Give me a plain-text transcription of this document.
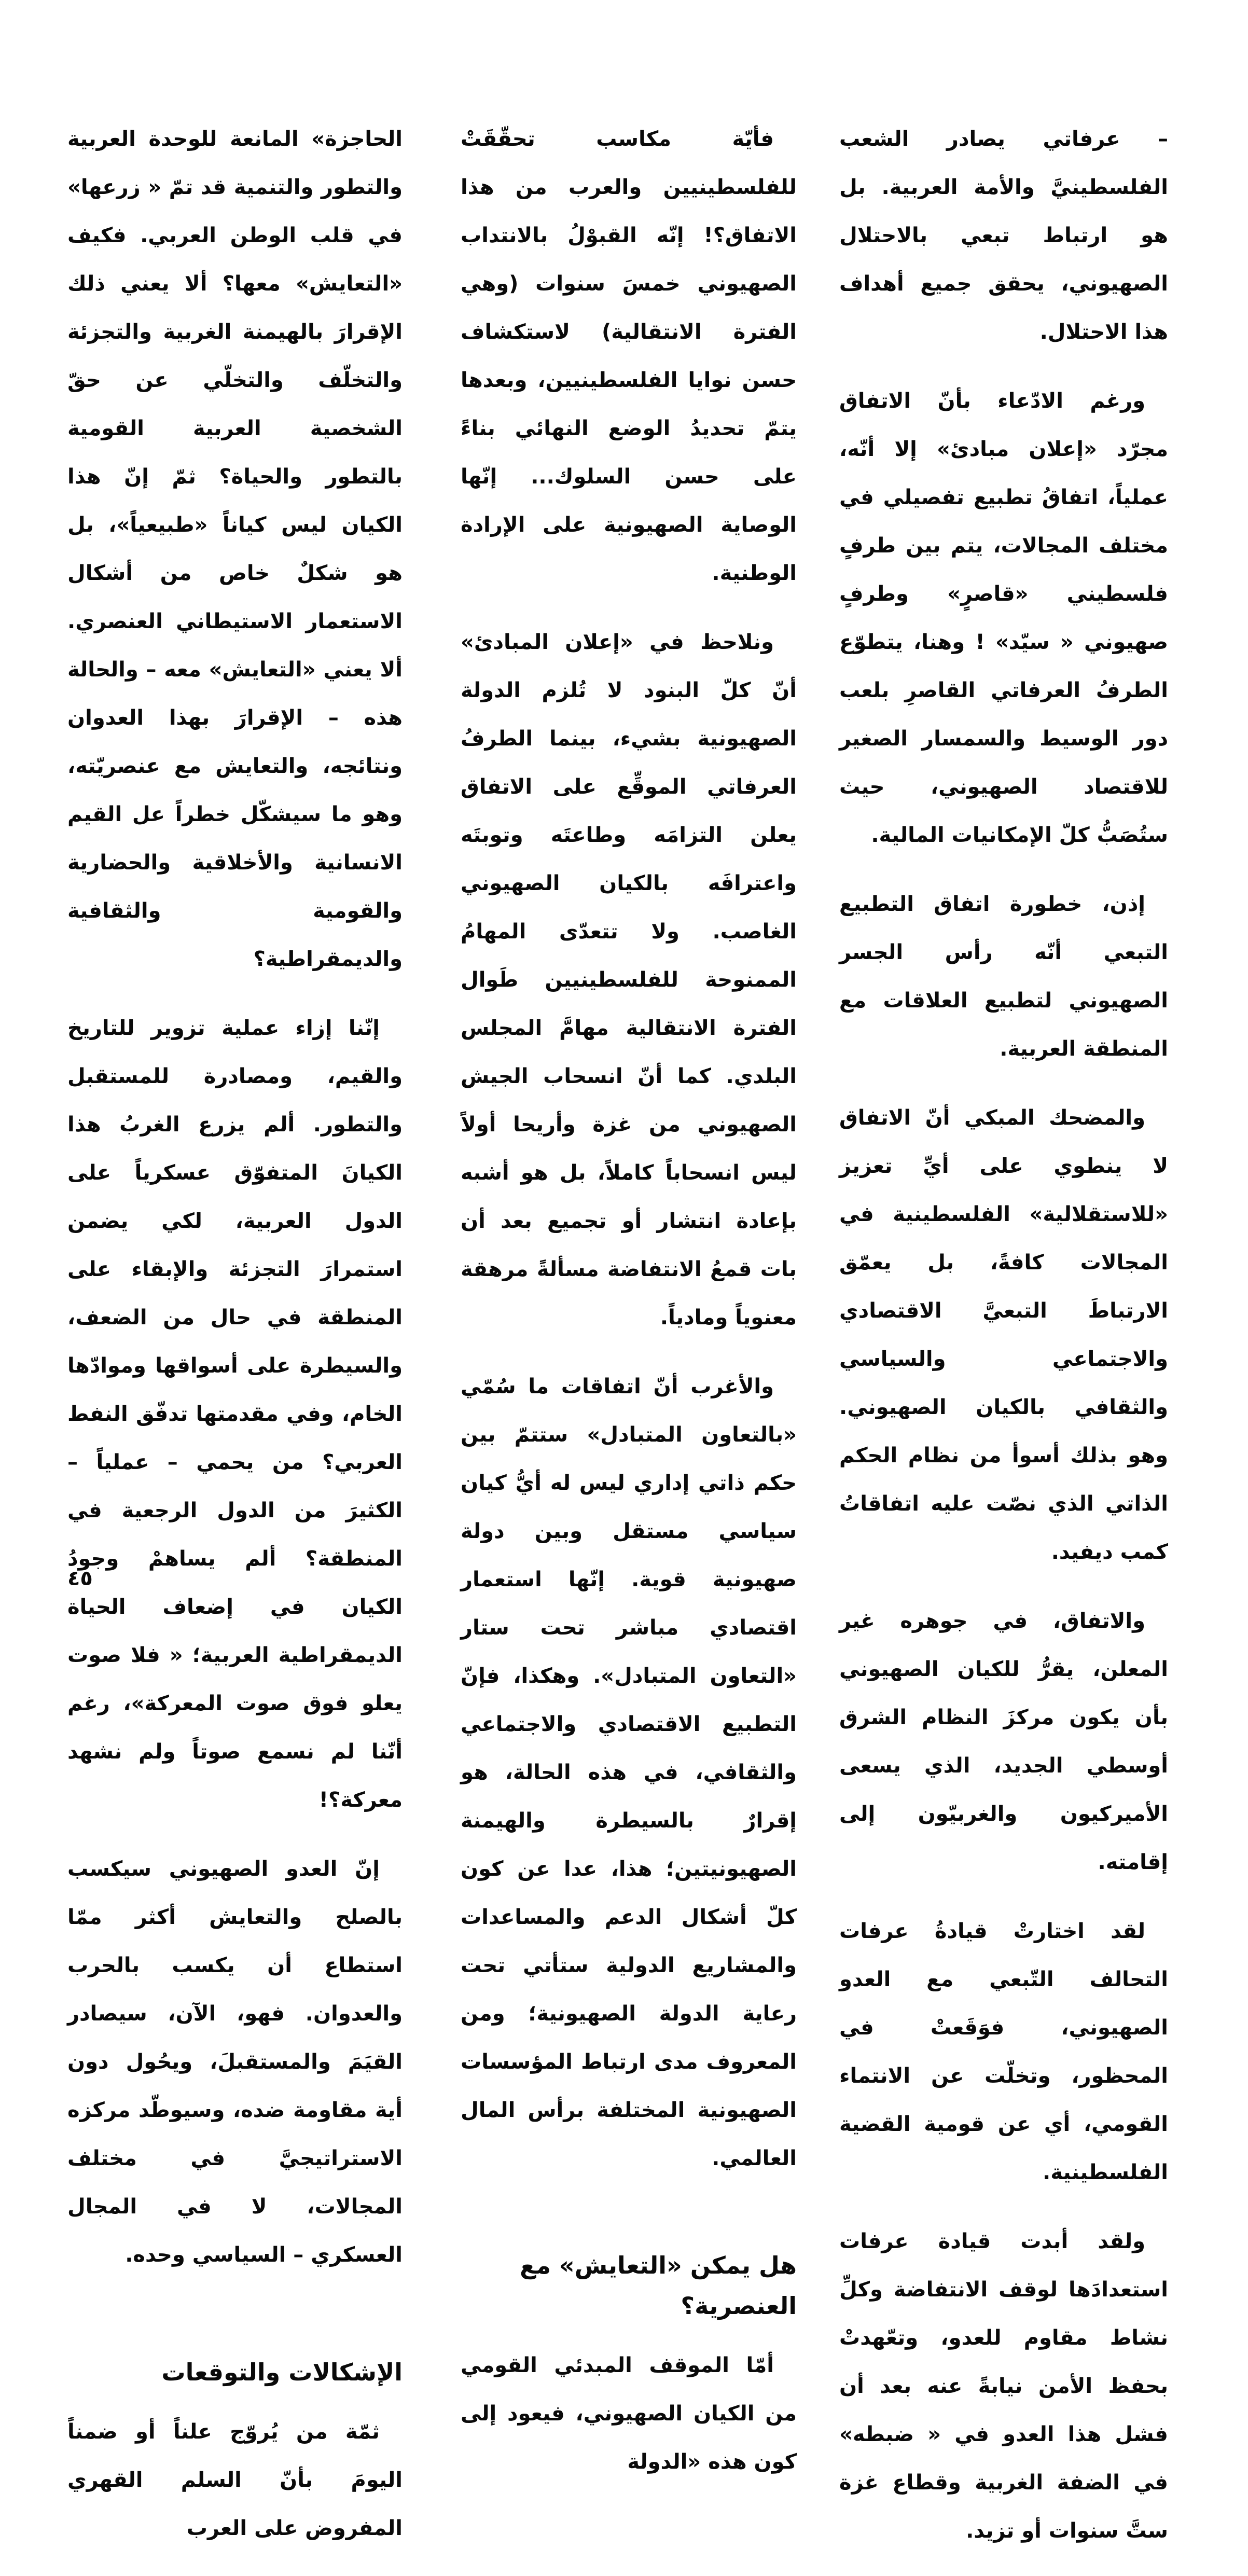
– عرفاتي يصادر الشعب الفلسطينيَّ والأمة العربية. بل هو ارتباط تبعي بالاحتلال الصهيوني، يحقق جميع أهداف هذا الاحتلال.

ورغم الادّعاء بأنّ الاتفاق مجرّد «إعلان مبادئ» إلا أنّه، عملياً، اتفاقُ تطبيع تفصيلي في مختلف المجالات، يتم بين طرفٍ فلسطيني «قاصرٍ» وطرفٍ صهيوني « سيّد» ! وهنا، يتطوّع الطرفُ العرفاتي القاصرِ بلعب دور الوسيط والسمسار الصغير للاقتصاد الصهيوني، حيث ستُصَبُّ كلّ الإمكانيات المالية.

إذن، خطورة اتفاق التطبيع التبعي أنّه رأس الجسر الصهيوني لتطبيع العلاقات مع المنطقة العربية.

والمضحك المبكي أنّ الاتفاق لا ينطوي على أيِّ تعزيز «للاستقلالية» الفلسطينية في المجالات كافةً، بل يعمّق الارتباطَ التبعيَّ الاقتصادي والاجتماعي والسياسي والثقافي بالكيان الصهيوني. وهو بذلك أسوأ من نظام الحكم الذاتي الذي نصّت عليه اتفاقاتُ كمب ديفيد.

والاتفاق، في جوهره غير المعلن، يقرُّ للكيان الصهيوني بأن يكون مركزَ النظام الشرق أوسطي الجديد، الذي يسعى الأميركيون والغربيّون إلى إقامته.

لقد اختارتْ قيادةُ عرفات التحالف التّبعي مع العدو الصهيوني، فوَقَعتْ في المحظور، وتخلّت عن الانتماء القومي، أي عن قومية القضية الفلسطينية.

ولقد أبدت قيادة عرفات استعدادَها لوقف الانتفاضة وكلِّ نشاط مقاوم للعدو، وتعّهدتْ بحفظ الأمن نيابةً عنه بعد أن فشل هذا العدو في « ضبطه» في الضفة الغربية وقطاع غزة ستَّ سنوات أو تزيد.

فأيّة مكاسب تحقّقَتْ للفلسطينيين والعرب من هذا الاتفاق؟! إنّه القبوْلُ بالانتداب الصهيوني خمسَ سنوات (وهي الفترة الانتقالية) لاستكشاف حسن نوايا الفلسطينيين، وبعدها يتمّ تحديدُ الوضع النهائي بناءً على حسن السلوك... إنّها الوصاية الصهيونية على الإرادة الوطنية.

ونلاحظ في «إعلان المبادئ» أنّ كلّ البنود لا تُلزم الدولة الصهيونية بشيء، بينما الطرفُ العرفاتي الموقِّع على الاتفاق يعلن التزامَه وطاعتَه وتوبتَه واعترافَه بالكيان الصهيوني الغاصب. ولا تتعدّى المهامُ الممنوحة للفلسطينيين طَوال الفترة الانتقالية مهامَّ المجلس البلدي. كما أنّ انسحاب الجيش الصهيوني من غزة وأريحا أولاً ليس انسحاباً كاملاً، بل هو أشبه بإعادة انتشار أو تجميع بعد أن بات قمعُ الانتفاضة مسألةً مرهقة معنوياً ومادياً.

والأغرب أنّ اتفاقات ما سُمّي «بالتعاون المتبادل» ستتمّ بين حكم ذاتي إداري ليس له أيُّ كيان سياسي مستقل وبين دولة صهيونية قوية. إنّها استعمار اقتصادي مباشر تحت ستار «التعاون المتبادل». وهكذا، فإنّ التطبيع الاقتصادي والاجتماعي والثقافي، في هذه الحالة، هو إقرارٌ بالسيطرة والهيمنة الصهيونيتين؛ هذا، عدا عن كون كلّ أشكال الدعم والمساعدات والمشاريع الدولية ستأتي تحت رعاية الدولة الصهيونية؛ ومن المعروف مدى ارتباط المؤسسات الصهيونية المختلفة برأس المال العالمي.

هل يمكن «التعايش» مع العنصرية؟

أمّا الموقف المبدئي القومي من الكيان الصهيوني، فيعود إلى كون هذه «الدولة

الحاجزة» المانعة للوحدة العربية والتطور والتنمية قد تمّ « زرعها» في قلب الوطن العربي. فكيف «التعايش» معها؟ ألا يعني ذلك الإقرارَ بالهيمنة الغربية والتجزئة والتخلّف والتخلّي عن حقّ الشخصية العربية القومية بالتطور والحياة؟ ثمّ إنّ هذا الكيان ليس كياناً «طبيعياً»، بل هو شكلٌ خاص من أشكال الاستعمار الاستيطاني العنصري. ألا يعني «التعايش» معه – والحالة هذه – الإقرارَ بهذا العدوان ونتائجه، والتعايش مع عنصريّته، وهو ما سيشكّل خطراً عل القيم الانسانية والأخلاقية والحضارية والقومية والثقافية والديمقراطية؟

إنّنا إزاء عملية تزوير للتاريخ والقيم، ومصادرة للمستقبل والتطور. ألم يزرع الغربُ هذا الكيانَ المتفوّق عسكرياً على الدول العربية، لكي يضمن استمرارَ التجزئة والإبقاء على المنطقة في حال من الضعف، والسيطرة على أسواقها وموادّها الخام، وفي مقدمتها تدفّق النفط العربي؟ من يحمي – عملياً – الكثيرَ من الدول الرجعية في المنطقة؟ ألم يساهمْ وجودُ الكيان في إضعاف الحياة الديمقراطية العربية؛ « فلا صوت يعلو فوق صوت المعركة»، رغم أنّنا لم نسمع صوتاً ولم نشهد معركة؟!

إنّ العدو الصهيوني سيكسب بالصلح والتعايش أكثر ممّا استطاع أن يكسب بالحرب والعدوان. فهو، الآن، سيصادر القيَمَ والمستقبلَ، ويحُول دون أية مقاومة ضده، وسيوطّد مركزه الاستراتيجيَّ في مختلف المجالات، لا في المجال العسكري – السياسي وحده.

الإشكالات والتوقعات

ثمّة من يُروّج علناً أو ضمناً اليومَ بأنّ السلم القهري المفروض على العرب

٤٥
